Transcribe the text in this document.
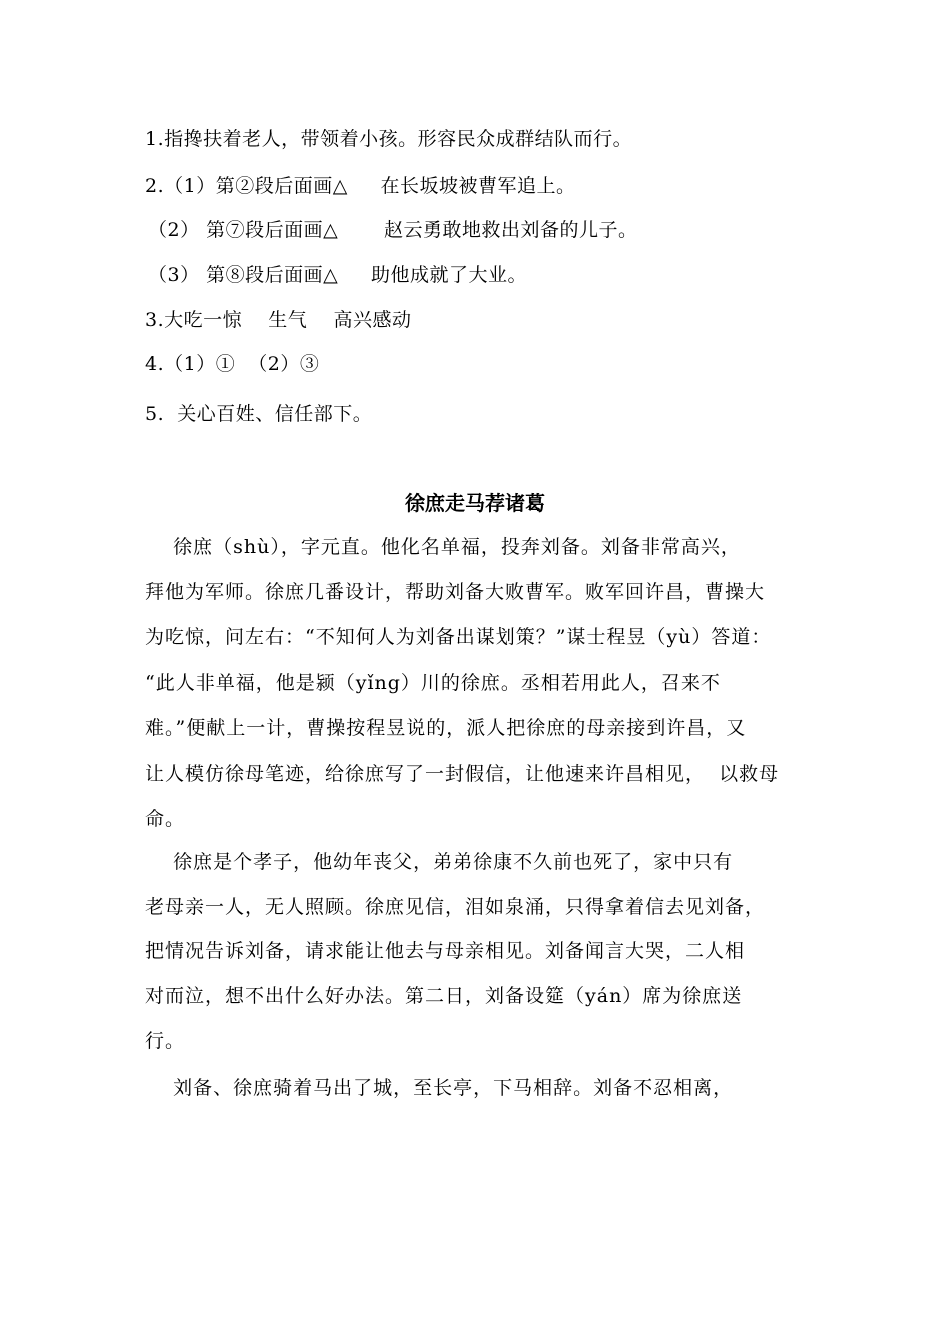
1.指搀扶着老人，带领着小孩。形容民众成群结队而行。
2.（1）第②段后面画△     在长坂坡被曹军追上。
（2） 第⑦段后面画△       赵云勇敢地救出刘备的儿子。
（3） 第⑧段后面画△     助他成就了大业。
3.大吃一惊    生气    高兴感动
4.（1）①  （2）③
5.  关心百姓、信任部下。
徐庶走马荐诸葛
徐庶（shù），字元直。他化名单福，投奔刘备。刘备非常高兴，
拜他为军师。徐庶几番设计，帮助刘备大败曹军。败军回许昌，曹操大
为吃惊，问左右：“不知何人为刘备出谋划策？”谋士程昱（yù）答道：
“此人非单福，他是颍（yǐng）川的徐庶。丞相若用此人，召来不
难。”便献上一计，曹操按程昱说的，派人把徐庶的母亲接到许昌，又
让人模仿徐母笔迹，给徐庶写了一封假信，让他速来许昌相见，  以救母
命。
徐庶是个孝子，他幼年丧父，弟弟徐康不久前也死了，家中只有
老母亲一人，无人照顾。徐庶见信，泪如泉涌，只得拿着信去见刘备，
把情况告诉刘备，请求能让他去与母亲相见。刘备闻言大哭，二人相
对而泣，想不出什么好办法。第二日，刘备设筵（yán）席为徐庶送
行。
刘备、徐庶骑着马出了城，至长亭，下马相辞。刘备不忍相离，
